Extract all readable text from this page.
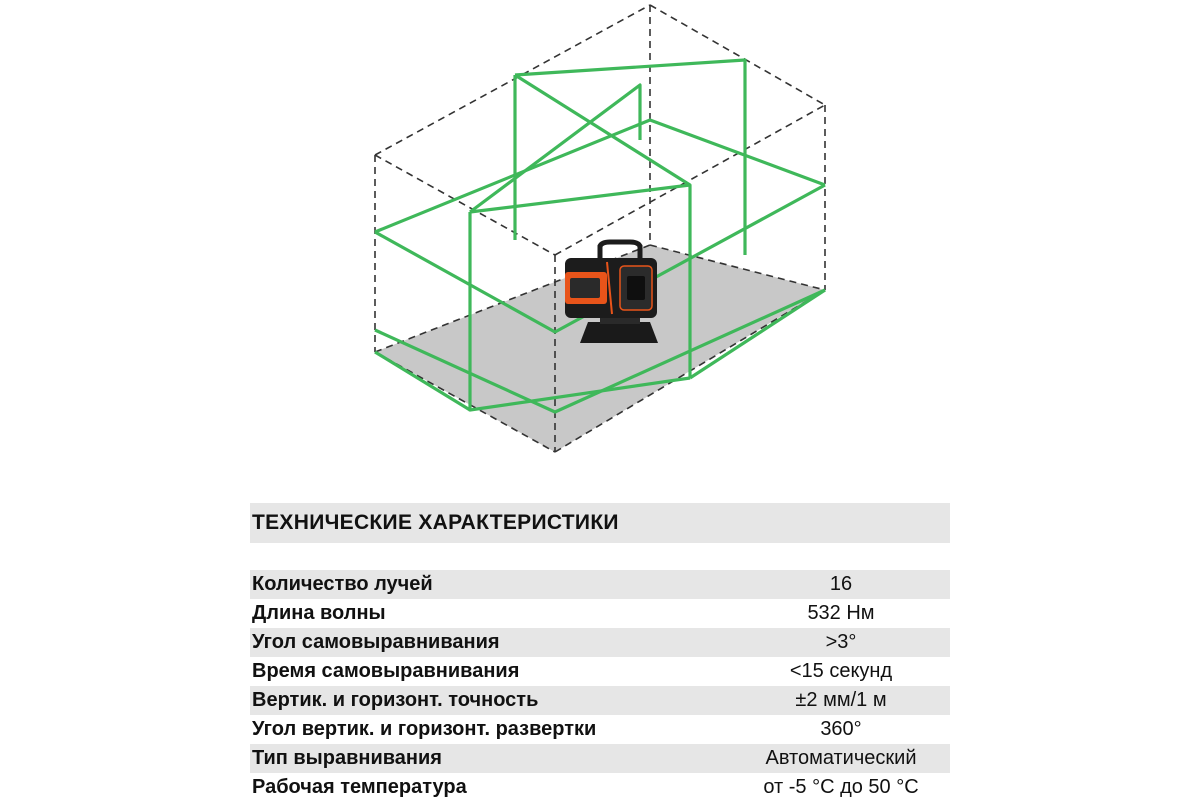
ТЕХНИЧЕСКИЕ ХАРАКТЕРИСТИКИ
Количество лучей	16
Длина волны	532 Нм
Угол самовыравнивания	>3°
Время самовыравнивания	<15 секунд
Вертик. и горизонт. точность	±2 мм/1 м
Угол вертик. и горизонт. развертки	360°
Тип выравнивания	Автоматический
Рабочая температура	от -5 °С до 50 °С
